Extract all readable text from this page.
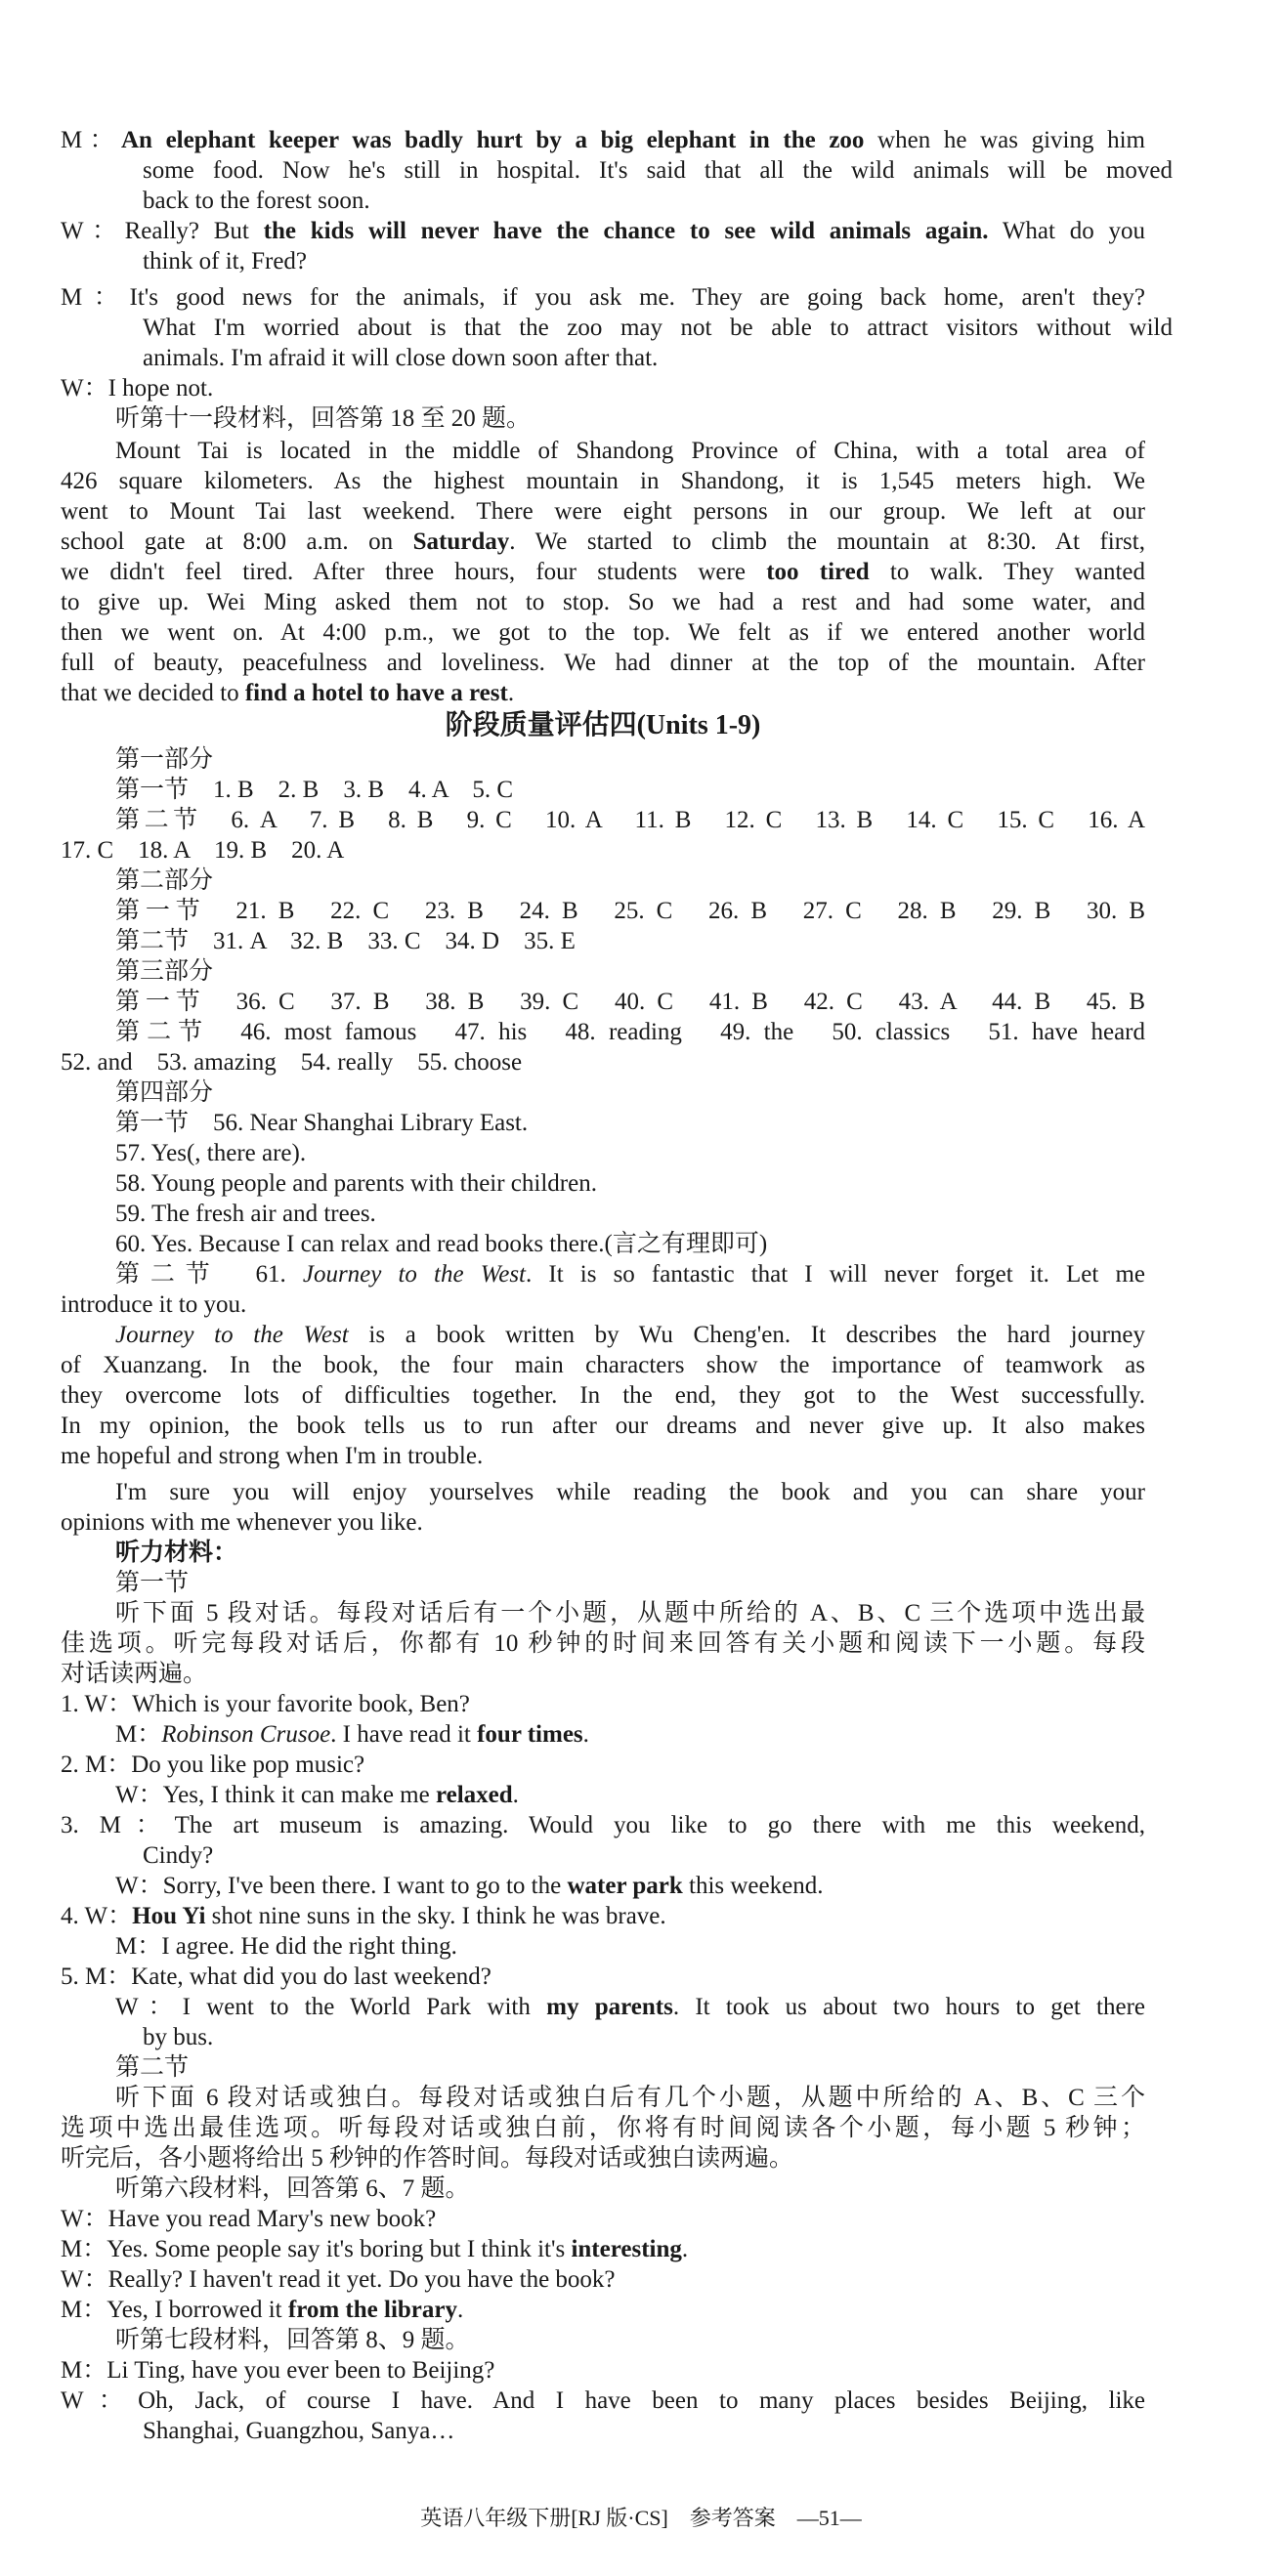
M：An elephant keeper was badly hurt by a big elephant in the zoo when he was giving him
some food. Now he's still in hospital. It's said that all the wild animals will be moved
back to the forest soon.
W：Really? But the kids will never have the chance to see wild animals again. What do you
think of it, Fred?
M：It's good news for the animals, if you ask me. They are going back home, aren't they?
What I'm worried about is that the zoo may not be able to attract visitors without wild
animals. I'm afraid it will close down soon after that.
W：I hope not.
听第十一段材料，回答第 18 至 20 题。
Mount Tai is located in the middle of Shandong Province of China, with a total area of
426 square kilometers. As the highest mountain in Shandong, it is 1,545 meters high. We
went to Mount Tai last weekend. There were eight persons in our group. We left at our
school gate at 8:00 a.m. on Saturday. We started to climb the mountain at 8:30. At first,
we didn't feel tired. After three hours, four students were too tired to walk. They wanted
to give up. Wei Ming asked them not to stop. So we had a rest and had some water, and
then we went on. At 4:00 p.m., we got to the top. We felt as if we entered another world
full of beauty, peacefulness and loveliness. We had dinner at the top of the mountain. After
that we decided to find a hotel to have a rest.
阶段质量评估四(Units 1-9)
第一部分
第一节　1. B　2. B　3. B　4. A　5. C
第二节　6. A　7. B　8. B　9. C　10. A　11. B　12. C　13. B　14. C　15. C　16. A
17. C　18. A　19. B　20. A
第二部分
第一节　21. B　22. C　23. B　24. B　25. C　26. B　27. C　28. B　29. B　30. B
第二节　31. A　32. B　33. C　34. D　35. E
第三部分
第一节　36. C　37. B　38. B　39. C　40. C　41. B　42. C　43. A　44. B　45. B
第二节　46. most famous　47. his　48. reading　49. the　50. classics　51. have heard
52. and　53. amazing　54. really　55. choose
第四部分
第一节　56. Near Shanghai Library East.
57. Yes(, there are).
58. Young people and parents with their children.
59. The fresh air and trees.
60. Yes. Because I can relax and read books there.(言之有理即可)
第二节　61. Journey to the West. It is so fantastic that I will never forget it. Let me
introduce it to you.
Journey to the West is a book written by Wu Cheng'en. It describes the hard journey
of Xuanzang. In the book, the four main characters show the importance of teamwork as
they overcome lots of difficulties together. In the end, they got to the West successfully.
In my opinion, the book tells us to run after our dreams and never give up. It also makes
me hopeful and strong when I'm in trouble.
I'm sure you will enjoy yourselves while reading the book and you can share your
opinions with me whenever you like.
听力材料：
第一节
听下面 5 段对话。每段对话后有一个小题，从题中所给的 A、B、C 三个选项中选出最
佳选项。听完每段对话后，你都有 10 秒钟的时间来回答有关小题和阅读下一小题。每段
对话读两遍。
1. W：Which is your favorite book, Ben?
M：Robinson Crusoe. I have read it four times.
2. M：Do you like pop music?
W：Yes, I think it can make me relaxed.
3. M：The art museum is amazing. Would you like to go there with me this weekend,
Cindy?
W：Sorry, I've been there. I want to go to the water park this weekend.
4. W：Hou Yi shot nine suns in the sky. I think he was brave.
M：I agree. He did the right thing.
5. M：Kate, what did you do last weekend?
W：I went to the World Park with my parents. It took us about two hours to get there
by bus.
第二节
听下面 6 段对话或独白。每段对话或独白后有几个小题，从题中所给的 A、B、C 三个
选项中选出最佳选项。听每段对话或独白前，你将有时间阅读各个小题，每小题 5 秒钟；
听完后，各小题将给出 5 秒钟的作答时间。每段对话或独白读两遍。
听第六段材料，回答第 6、7 题。
W：Have you read Mary's new book?
M：Yes. Some people say it's boring but I think it's interesting.
W：Really? I haven't read it yet. Do you have the book?
M：Yes, I borrowed it from the library.
听第七段材料，回答第 8、9 题。
M：Li Ting, have you ever been to Beijing?
W：Oh, Jack, of course I have. And I have been to many places besides Beijing, like
Shanghai, Guangzhou, Sanya…
英语八年级下册[RJ 版·CS]　参考答案　—51—
